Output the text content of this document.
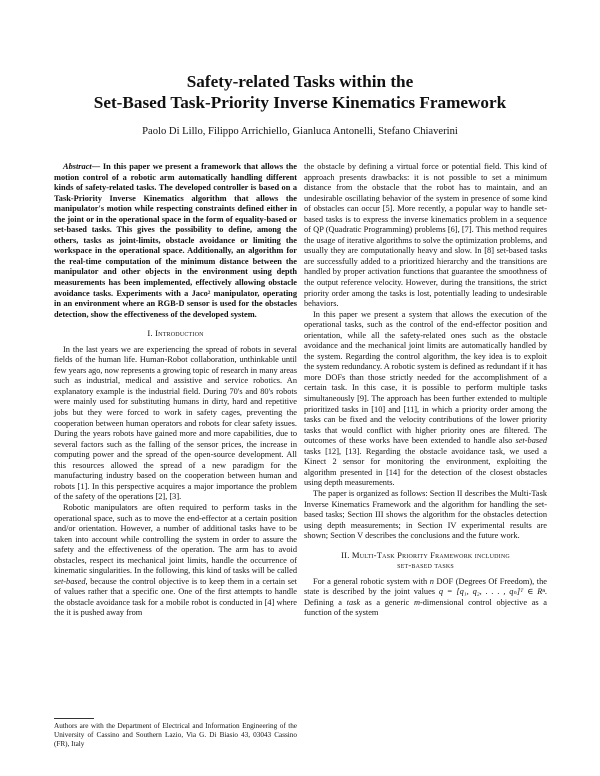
Safety-related Tasks within the
Set-Based Task-Priority Inverse Kinematics Framework
Paolo Di Lillo, Filippo Arrichiello, Gianluca Antonelli, Stefano Chiaverini

Abstract— In this paper we present a framework that allows the motion control of a robotic arm automatically handling different kinds of safety-related tasks. The developed controller is based on a Task-Priority Inverse Kinematics algorithm that allows the manipulator's motion while respecting constraints defined either in the joint or in the operational space in the form of equality-based or set-based tasks. This gives the possibility to define, among the others, tasks as joint-limits, obstacle avoidance or limiting the workspace in the operational space. Additionally, an algorithm for the real-time computation of the minimum distance between the manipulator and other objects in the environment using depth measurements has been implemented, effectively allowing obstacle avoidance tasks. Experiments with a Jaco² manipulator, operating in an environment where an RGB-D sensor is used for the obstacles detection, show the effectiveness of the developed system.

I. Introduction

In the last years we are experiencing the spread of robots in several fields of the human life. Human-Robot collaboration, unthinkable until few years ago, now represents a growing topic of research in many areas such as industrial, medical and assistive and service robotics. An explanatory example is the industrial field. During 70's and 80's robots were mainly used for substituting humans in dirty, hard and repetitive jobs but they were forced to work in safety cages, preventing the cooperation between human operators and robots for clear safety issues. During the years robots have gained more and more capabilities, due to several factors such as the falling of the sensor prices, the increase in computing power and the spread of the open-source development. All this resources allowed the spread of a new paradigm for the manufacturing industry based on the cooperation between human and robots [1]. In this perspective acquires a major importance the problem of the safety of the operations [2], [3].

Robotic manipulators are often required to perform tasks in the operational space, such as to move the end-effector at a certain position and/or orientation. However, a number of additional tasks have to be taken into account while controlling the system in order to assure the safety and the effectiveness of the operation. The arm has to avoid obstacles, respect its mechanical joint limits, handle the occurrence of kinematic singularities. In the following, this kind of tasks will be called set-based, because the control objective is to keep them in a certain set of values rather that a specific one. One of the first attempts to handle the obstacle avoidance task for a mobile robot is conducted in [4] where the it is pushed away from

Authors are with the Department of Electrical and Information Engineering of the University of Cassino and Southern Lazio, Via G. Di Biasio 43, 03043 Cassino (FR), Italy

the obstacle by defining a virtual force or potential field. This kind of approach presents drawbacks: it is not possible to set a minimum distance from the obstacle that the robot has to maintain, and an undesirable oscillating behavior of the system in presence of some kind of obstacles can occur [5]. More recently, a popular way to handle set-based tasks is to express the inverse kinematics problem in a sequence of QP (Quadratic Programming) problems [6], [7]. This method requires the usage of iterative algorithms to solve the optimization problems, and usually they are computationally heavy and slow. In [8] set-based tasks are successfully added to a prioritized hierarchy and the transitions are handled by proper activation functions that guarantee the smoothness of the output reference velocity. However, during the transitions, the strict priority order among the tasks is lost, potentially leading to undesirable behaviors.

In this paper we present a system that allows the execution of the operational tasks, such as the control of the end-effector position and orientation, while all the safety-related ones such as the obstacle avoidance and the mechanical joint limits are automatically handled by the system. Regarding the control algorithm, the key idea is to exploit the system redundancy. A robotic system is defined as redundant if it has more DOFs than those strictly needed for the accomplishment of a certain task. In this case, it is possible to perform multiple tasks simultaneously [9]. The approach has been further extended to multiple prioritized tasks in [10] and [11], in which a priority order among the tasks can be fixed and the velocity contributions of the lower priority tasks that would conflict with higher priority ones are filtered. The outcomes of these works have been extended to handle also set-based tasks [12], [13]. Regarding the obstacle avoidance task, we used a Kinect 2 sensor for monitoring the environment, exploiting the algorithm presented in [14] for the detection of the closest obstacles using depth measurements.

The paper is organized as follows: Section II describes the Multi-Task Inverse Kinematics Framework and the algorithm for handling the set-based tasks; Section III shows the algorithm for the obstacles detection using depth measurements; in Section IV experimental results are shown; Section V describes the conclusions and the future work.

II. Multi-Task Priority Framework including
set-based tasks

For a general robotic system with n DOF (Degrees Of Freedom), the state is described by the joint values q = [q₁, q₂, . . . , qₙ]ᵀ ∈ Rⁿ. Defining a task as a generic m-dimensional control objective as a function of the system
